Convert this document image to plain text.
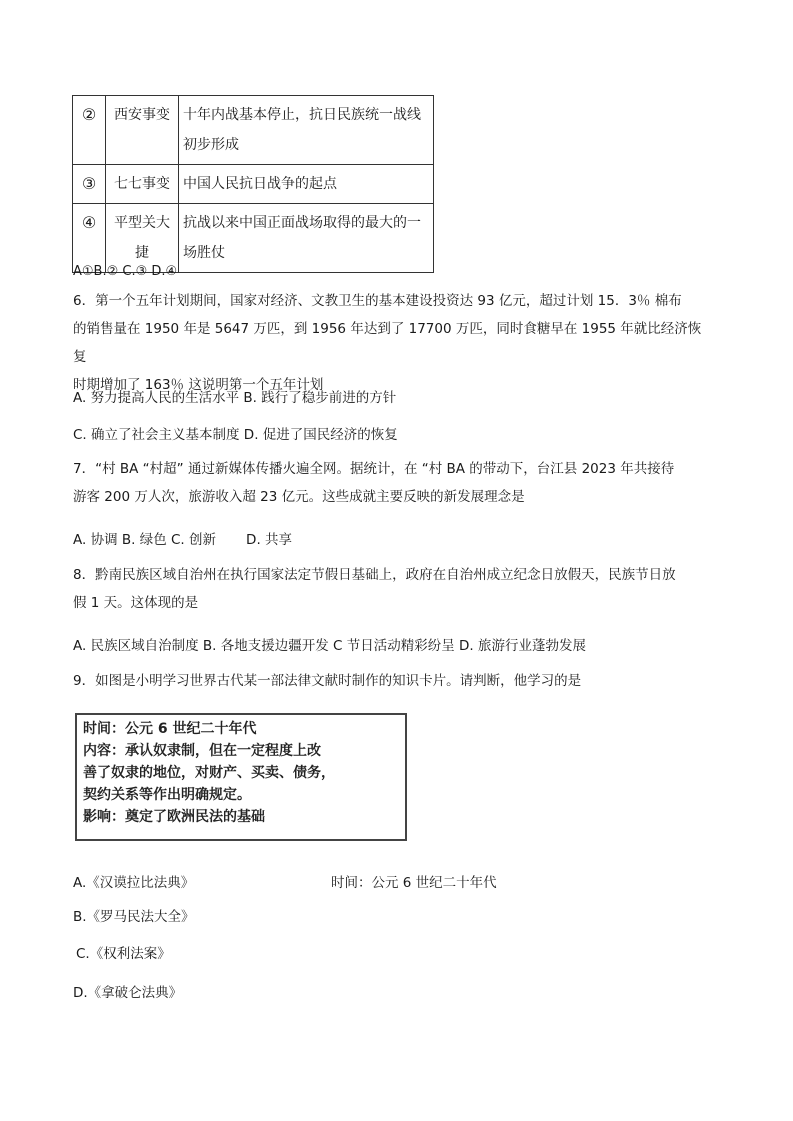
②	西安事变	十年内战基本停止，抗日民族统一战线初步形成
③	七七事变	中国人民抗日战争的起点
④	平型关大捷	抗战以来中国正面战场取得的最大的一场胜仗
A①B.② C.③ D.④
6．第一个五年计划期间，国家对经济、文教卫生的基本建设投资达 93 亿元，超过计划 15．3％ 棉布
的销售量在 1950 年是 5647 万匹，到 1956 年达到了 17700 万匹，同时食糖早在 1955 年就比经济恢复
时期增加了 163％ 这说明第一个五年计划
A. 努力提高人民的生活水平 B. 践行了稳步前进的方针
C. 确立了社会主义基本制度 D. 促进了国民经济的恢复
7．“村 BA “村超” 通过新媒体传播火遍全网。据统计，在 “村 BA 的带动下，台江县 2023 年共接待
游客 200 万人次，旅游收入超 23 亿元。这些成就主要反映的新发展理念是
A. 协调 B. 绿色 C. 创新       D. 共享
8．黔南民族区域自治州在执行国家法定节假日基础上，政府在自治州成立纪念日放假天，民族节日放
假 1 天。这体现的是
A. 民族区域自治制度 B. 各地支援边疆开发 C 节日活动精彩纷呈 D. 旅游行业蓬勃发展
9．如图是小明学习世界古代某一部法律文献时制作的知识卡片。请判断，他学习的是
时间：公元 6 世纪二十年代
内容：承认奴隶制，但在一定程度上改
善了奴隶的地位，对财产、买卖、债务，
契约关系等作出明确规定。
影响：奠定了欧洲民法的基础
A.《汉谟拉比法典》	时间：公元 6 世纪二十年代
B.《罗马民法大全》
C.《权利法案》
D.《拿破仑法典》
